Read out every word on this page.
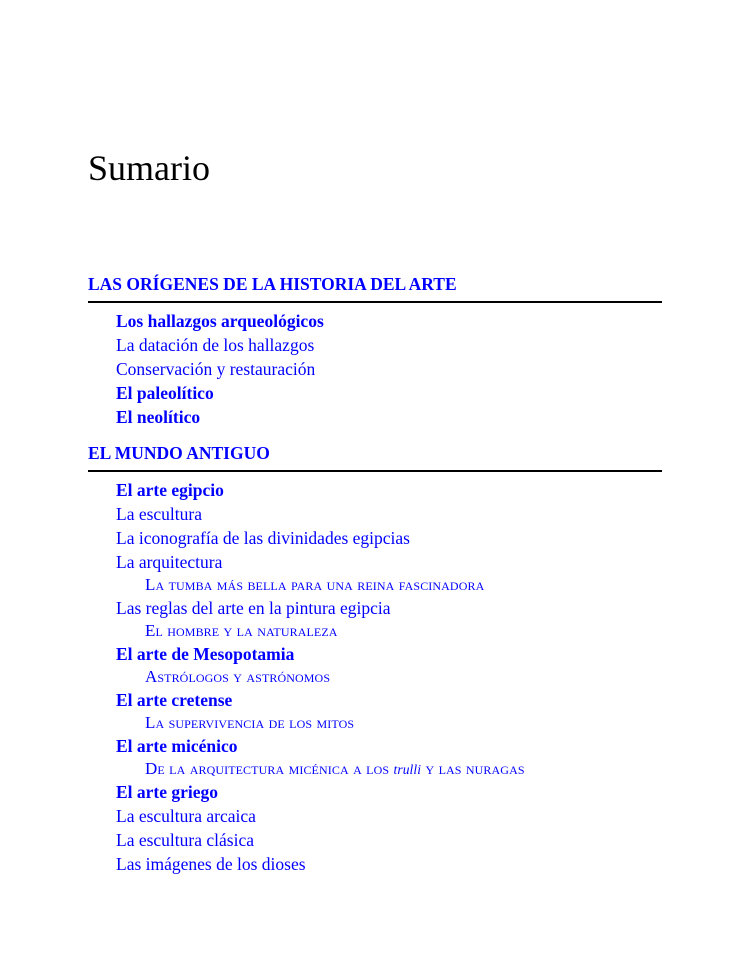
Sumario
LAS ORÍGENES DE LA HISTORIA DEL ARTE
Los hallazgos arqueológicos
La datación de los hallazgos
Conservación y restauración
El paleolítico
El neolítico
EL MUNDO ANTIGUO
El arte egipcio
La escultura
La iconografía de las divinidades egipcias
La arquitectura
La tumba más bella para una reina fascinadora
Las reglas del arte en la pintura egipcia
El hombre y la naturaleza
El arte de Mesopotamia
Astrólogos y astrónomos
El arte cretense
La supervivencia de los mitos
El arte micénico
De la arquitectura micénica a los trulli y las nuragas
El arte griego
La escultura arcaica
La escultura clásica
Las imágenes de los dioses
